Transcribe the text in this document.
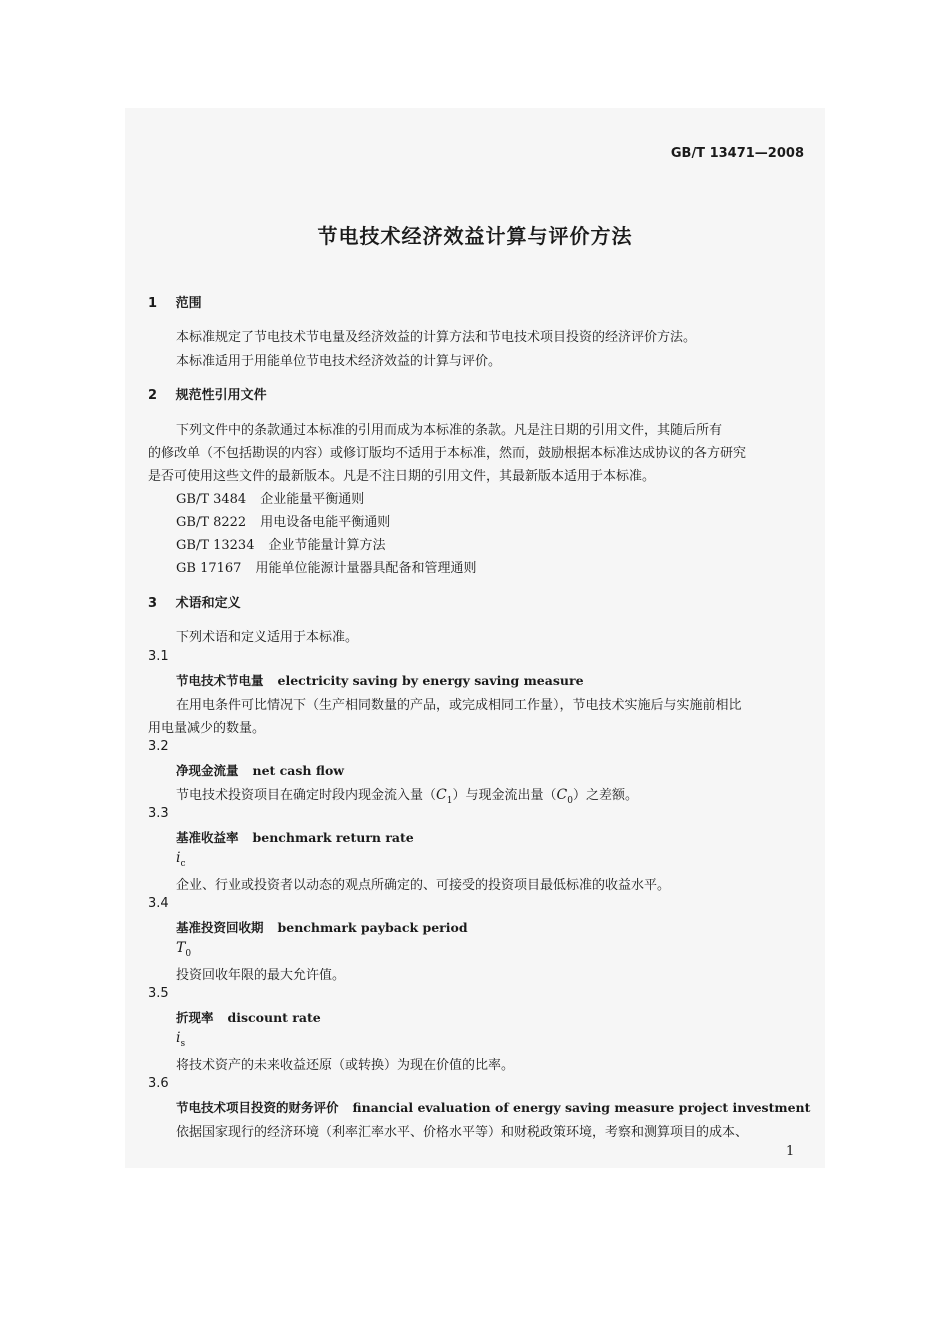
GB/T 13471—2008
节电技术经济效益计算与评价方法
1 范围
本标准规定了节电技术节电量及经济效益的计算方法和节电技术项目投资的经济评价方法。
本标准适用于用能单位节电技术经济效益的计算与评价。
2 规范性引用文件
下列文件中的条款通过本标准的引用而成为本标准的条款。凡是注日期的引用文件，其随后所有
的修改单（不包括勘误的内容）或修订版均不适用于本标准，然而，鼓励根据本标准达成协议的各方研究
是否可使用这些文件的最新版本。凡是不注日期的引用文件，其最新版本适用于本标准。
GB/T 3484 企业能量平衡通则
GB/T 8222 用电设备电能平衡通则
GB/T 13234 企业节能量计算方法
GB 17167 用能单位能源计量器具配备和管理通则
3 术语和定义
下列术语和定义适用于本标准。
3.1
节电技术节电量 electricity saving by energy saving measure
在用电条件可比情况下（生产相同数量的产品，或完成相同工作量），节电技术实施后与实施前相比
用电量减少的数量。
3.2
净现金流量 net cash flow
节电技术投资项目在确定时段内现金流入量$(C_1)$与现金流出量$(C_0)$之差额。
3.3
基准收益率 benchmark return rate
$i_c$
企业、行业或投资者以动态的观点所确定的、可接受的投资项目最低标准的收益水平。
3.4
基准投资回收期 benchmark payback period
$T_0$
投资回收年限的最大允许值。
3.5
折现率 discount rate
$i_s$
将技术资产的未来收益还原（或转换）为现在价值的比率。
3.6
节电技术项目投资的财务评价 financial evaluation of energy saving measure project investment
依据国家现行的经济环境（利率汇率水平、价格水平等）和财税政策环境，考察和测算项目的成本、
1
